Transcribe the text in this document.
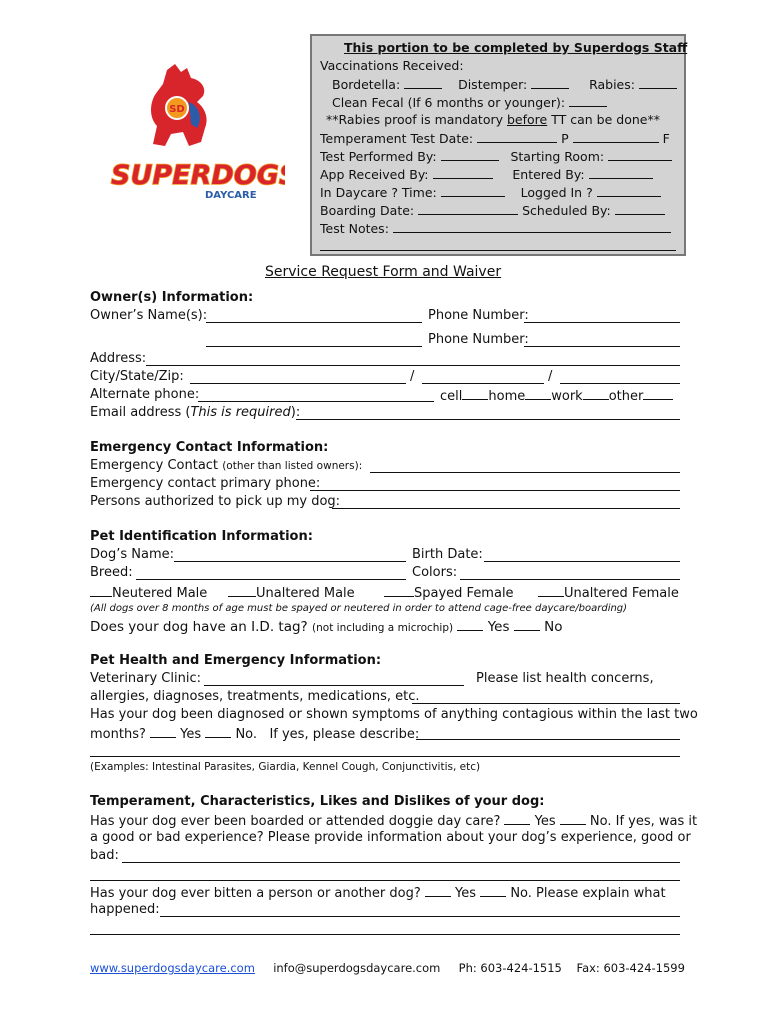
SD
SUPERDOGS
DAYCARE
This portion to be completed by Superdogs Staff
Vaccinations Received:
Bordetella:	Distemper:	Rabies:
Clean Fecal (If 6 months or younger):
**Rabies proof is mandatory before TT can be done**
Temperament Test Date:	P	F
Test Performed By:	Starting Room:
App Received By:	Entered By:
In Daycare ? Time:	Logged In ?
Boarding Date:	Scheduled By:
Test Notes:
Service Request Form and Waiver
Owner(s) Information:
Owner’s Name(s):	Phone Number:
Phone Number:
Address:
City/State/Zip:	/	/
Alternate phone:	cell home work other
Email address (This is required):
Emergency Contact Information:
Emergency Contact (other than listed owners):
Emergency contact primary phone:
Persons authorized to pick up my dog:
Pet Identification Information:
Dog’s Name:	Birth Date:
Breed:	Colors:
Neutered Male	Unaltered Male	Spayed Female	Unaltered Female
(All dogs over 8 months of age must be spayed or neutered in order to attend cage-free daycare/boarding)
Does your dog have an I.D. tag? (not including a microchip)	Yes	No
Pet Health and Emergency Information:
Veterinary Clinic:	Please list health concerns,
allergies, diagnoses, treatments, medications, etc.
Has your dog been diagnosed or shown symptoms of anything contagious within the last two
months?	Yes	No. If yes, please describe:
(Examples: Intestinal Parasites, Giardia, Kennel Cough, Conjunctivitis, etc)
Temperament, Characteristics, Likes and Dislikes of your dog:
Has your dog ever been boarded or attended doggie day care?	Yes	No. If yes, was it
a good or bad experience? Please provide information about your dog’s experience, good or
bad:
Has your dog ever bitten a person or another dog?	Yes	No. Please explain what
happened:
www.superdogsdaycare.com info@superdogsdaycare.com Ph: 603-424-1515 Fax: 603-424-1599
